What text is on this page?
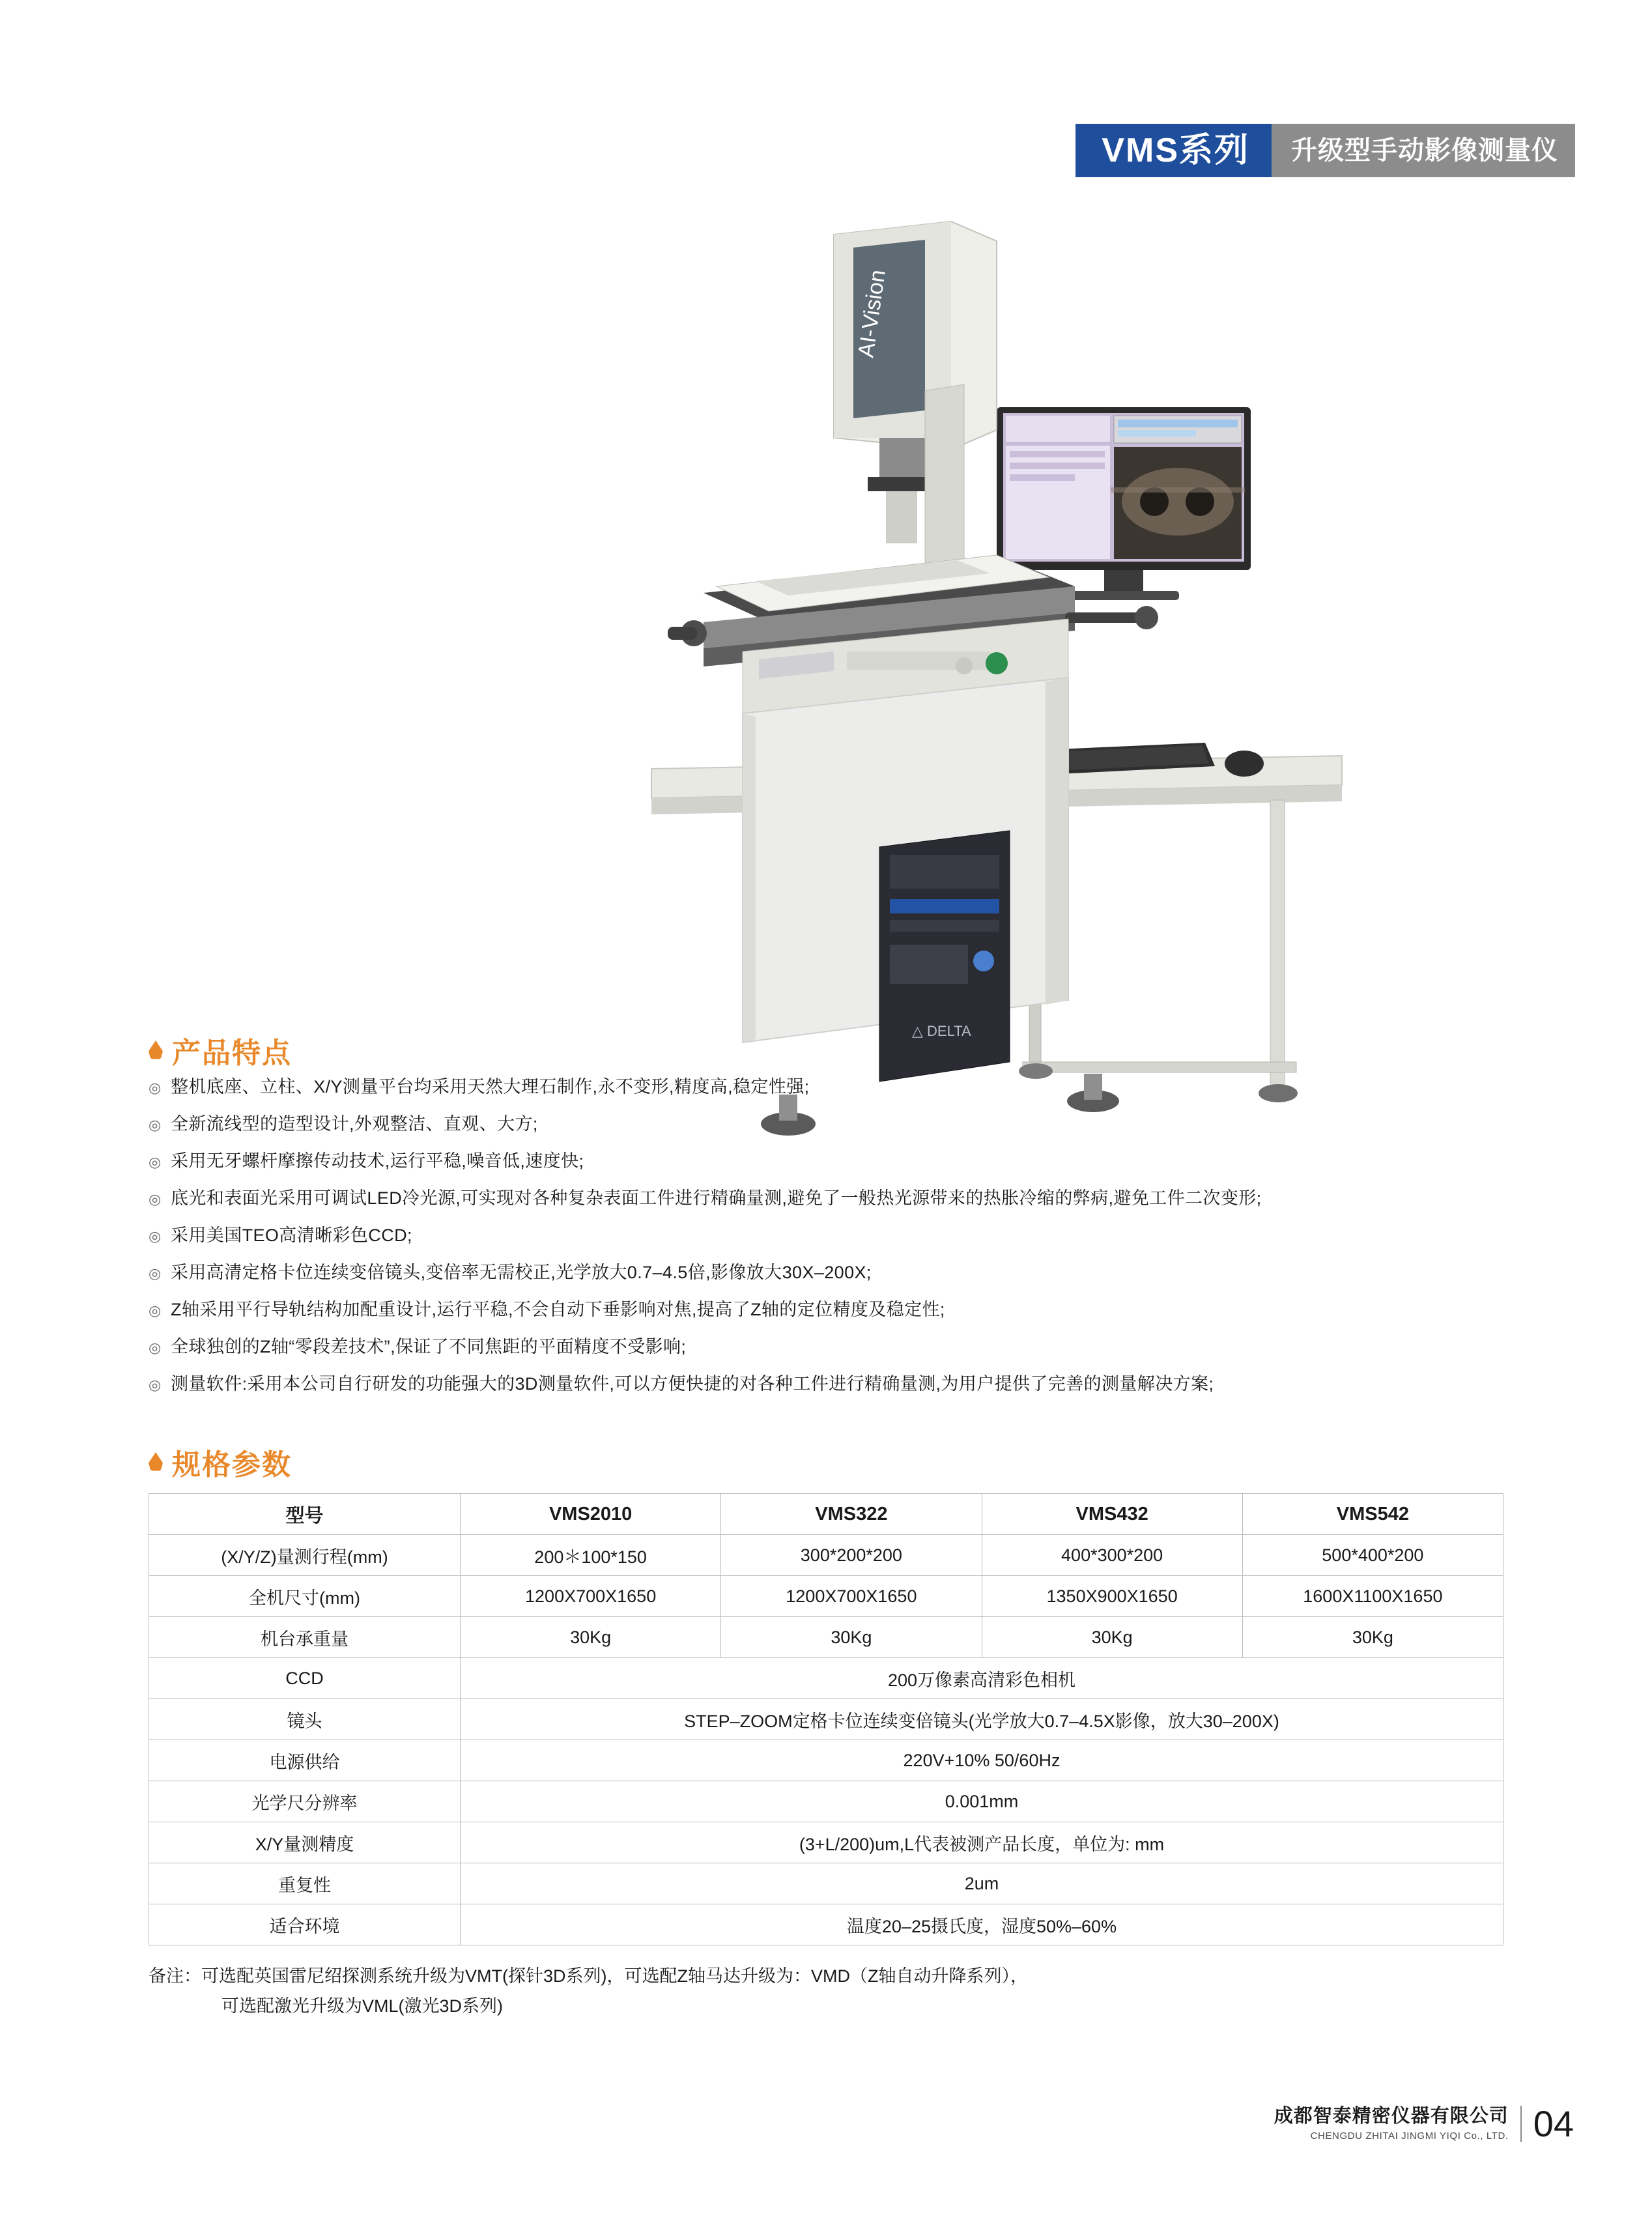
VMS系列	升级型手动影像测量仪
AI-Vision
△ DELTA
产品特点
◎ 整机底座、立柱、X/Y测量平台均采用天然大理石制作,永不变形,精度高,稳定性强;
◎ 全新流线型的造型设计,外观整洁、直观、大方;
◎ 采用无牙螺杆摩擦传动技术,运行平稳,噪音低,速度快;
◎ 底光和表面光采用可调试LED冷光源,可实现对各种复杂表面工件进行精确量测,避免了一般热光源带来的热胀冷缩的弊病,避免工件二次变形;
◎ 采用美国TEO高清晰彩色CCD;
◎ 采用高清定格卡位连续变倍镜头,变倍率无需校正,光学放大0.7–4.5倍,影像放大30X–200X;
◎ Z轴采用平行导轨结构加配重设计,运行平稳,不会自动下垂影响对焦,提高了Z轴的定位精度及稳定性;
◎ 全球独创的Z轴“零段差技术”,保证了不同焦距的平面精度不受影响;
◎ 测量软件:采用本公司自行研发的功能强大的3D测量软件,可以方便快捷的对各种工件进行精确量测,为用户提供了完善的测量解决方案;
规格参数
型号	VMS2010	VMS322	VMS432	VMS542
(X/Y/Z)量测行程(mm)	200＊100*150	300*200*200	400*300*200	500*400*200
全机尺寸(mm)	1200X700X1650	1200X700X1650	1350X900X1650	1600X1100X1650
机台承重量	30Kg	30Kg	30Kg	30Kg
CCD	200万像素高清彩色相机			
镜头	STEP–ZOOM定格卡位连续变倍镜头(光学放大0.7–4.5X影像，放大30–200X)			
电源供给	220V+10% 50/60Hz			
光学尺分辨率	0.001mm			
X/Y量测精度	(3+L/200)um,L代表被测产品长度，单位为: mm			
重复性	2um			
适合环境	温度20–25摄氏度，湿度50%–60%			
备注：可选配英国雷尼绍探测系统升级为VMT(探针3D系列)，可选配Z轴马达升级为：VMD（Z轴自动升降系列），
可选配激光升级为VML(激光3D系列)
成都智泰精密仪器有限公司
CHENGDU ZHITAI JINGMI YIQI Co., LTD. 04
